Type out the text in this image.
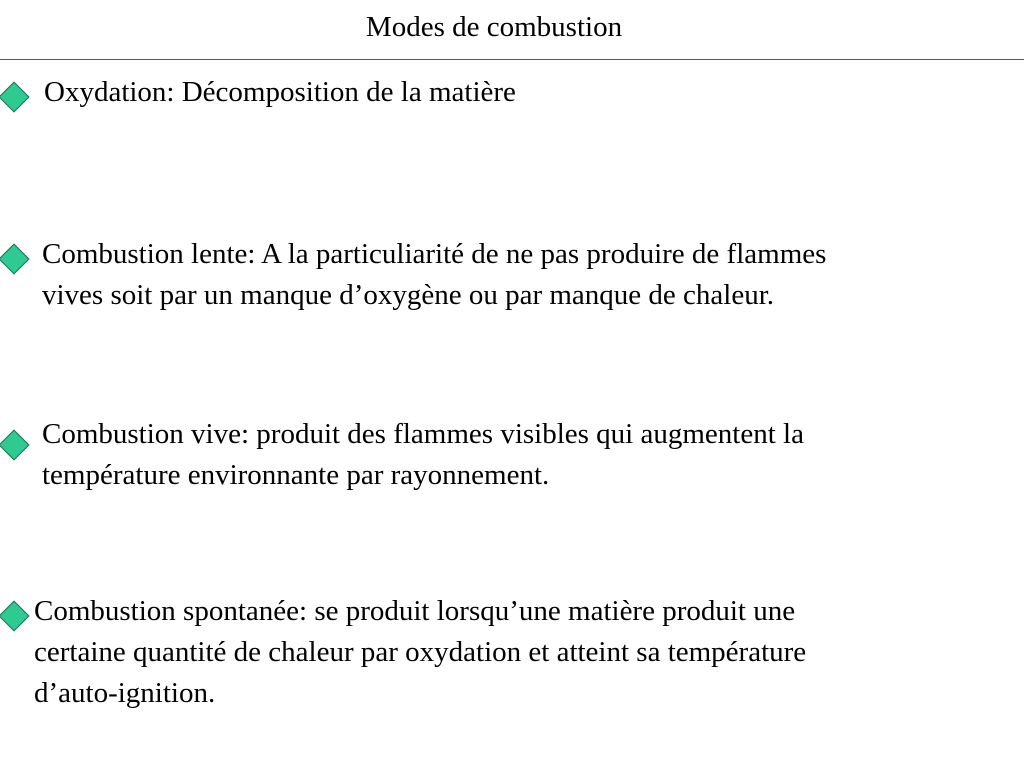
Modes de combustion
Oxydation: Décomposition de la matière
Combustion lente: A la particuliarité de ne pas produire de flammes
vives soit par un manque d’oxygène ou par manque de chaleur.
Combustion vive: produit des flammes visibles qui augmentent la
température environnante par rayonnement.
Combustion spontanée: se produit lorsqu’une matière produit une
certaine quantité de chaleur par oxydation et atteint sa température
d’auto-ignition.
